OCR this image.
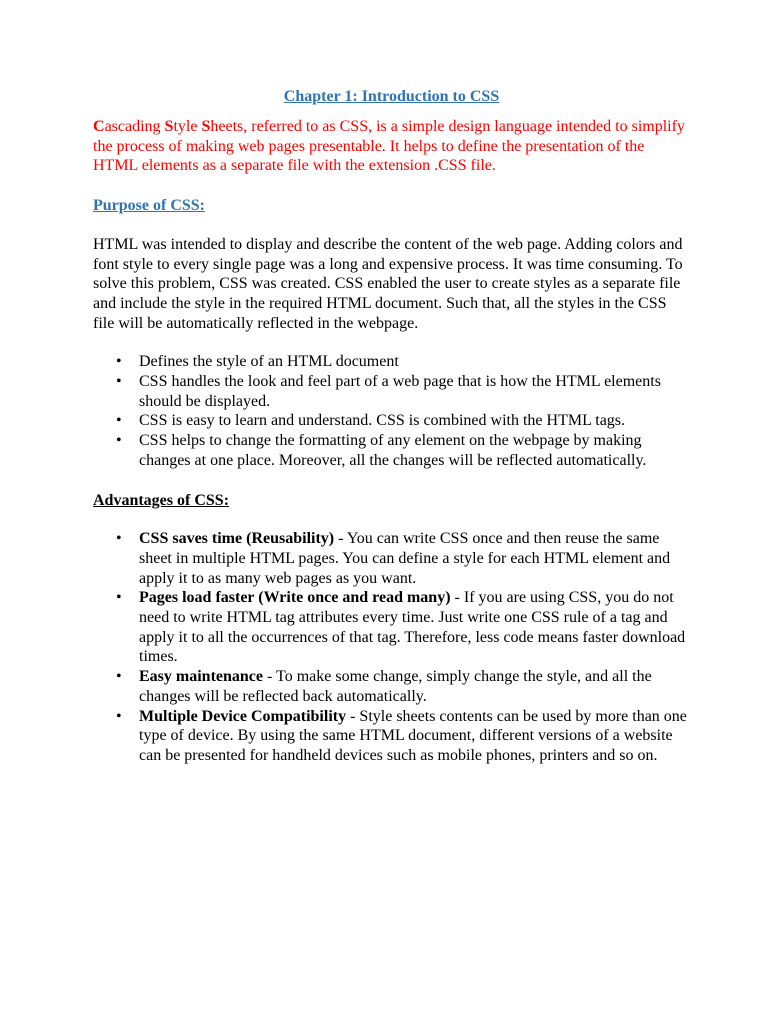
Chapter 1: Introduction to CSS

Cascading Style Sheets, referred to as CSS, is a simple design language intended to simplify the process of making web pages presentable. It helps to define the presentation of the HTML elements as a separate file with the extension .CSS file.

Purpose of CSS:

HTML was intended to display and describe the content of the web page. Adding colors and font style to every single page was a long and expensive process. It was time consuming. To solve this problem, CSS was created. CSS enabled the user to create styles as a separate file and include the style in the required HTML document. Such that, all the styles in the CSS file will be automatically reflected in the webpage.

• Defines the style of an HTML document
• CSS handles the look and feel part of a web page that is how the HTML elements should be displayed.
• CSS is easy to learn and understand. CSS is combined with the HTML tags.
• CSS helps to change the formatting of any element on the webpage by making changes at one place. Moreover, all the changes will be reflected automatically.
Advantages of CSS:
• CSS saves time (Reusability) - You can write CSS once and then reuse the same sheet in multiple HTML pages. You can define a style for each HTML element and apply it to as many web pages as you want.
• Pages load faster (Write once and read many) - If you are using CSS, you do not need to write HTML tag attributes every time. Just write one CSS rule of a tag and apply it to all the occurrences of that tag. Therefore, less code means faster download times.
• Easy maintenance - To make some change, simply change the style, and all the changes will be reflected back automatically.
• Multiple Device Compatibility - Style sheets contents can be used by more than one type of device. By using the same HTML document, different versions of a website can be presented for handheld devices such as mobile phones, printers and so on.
